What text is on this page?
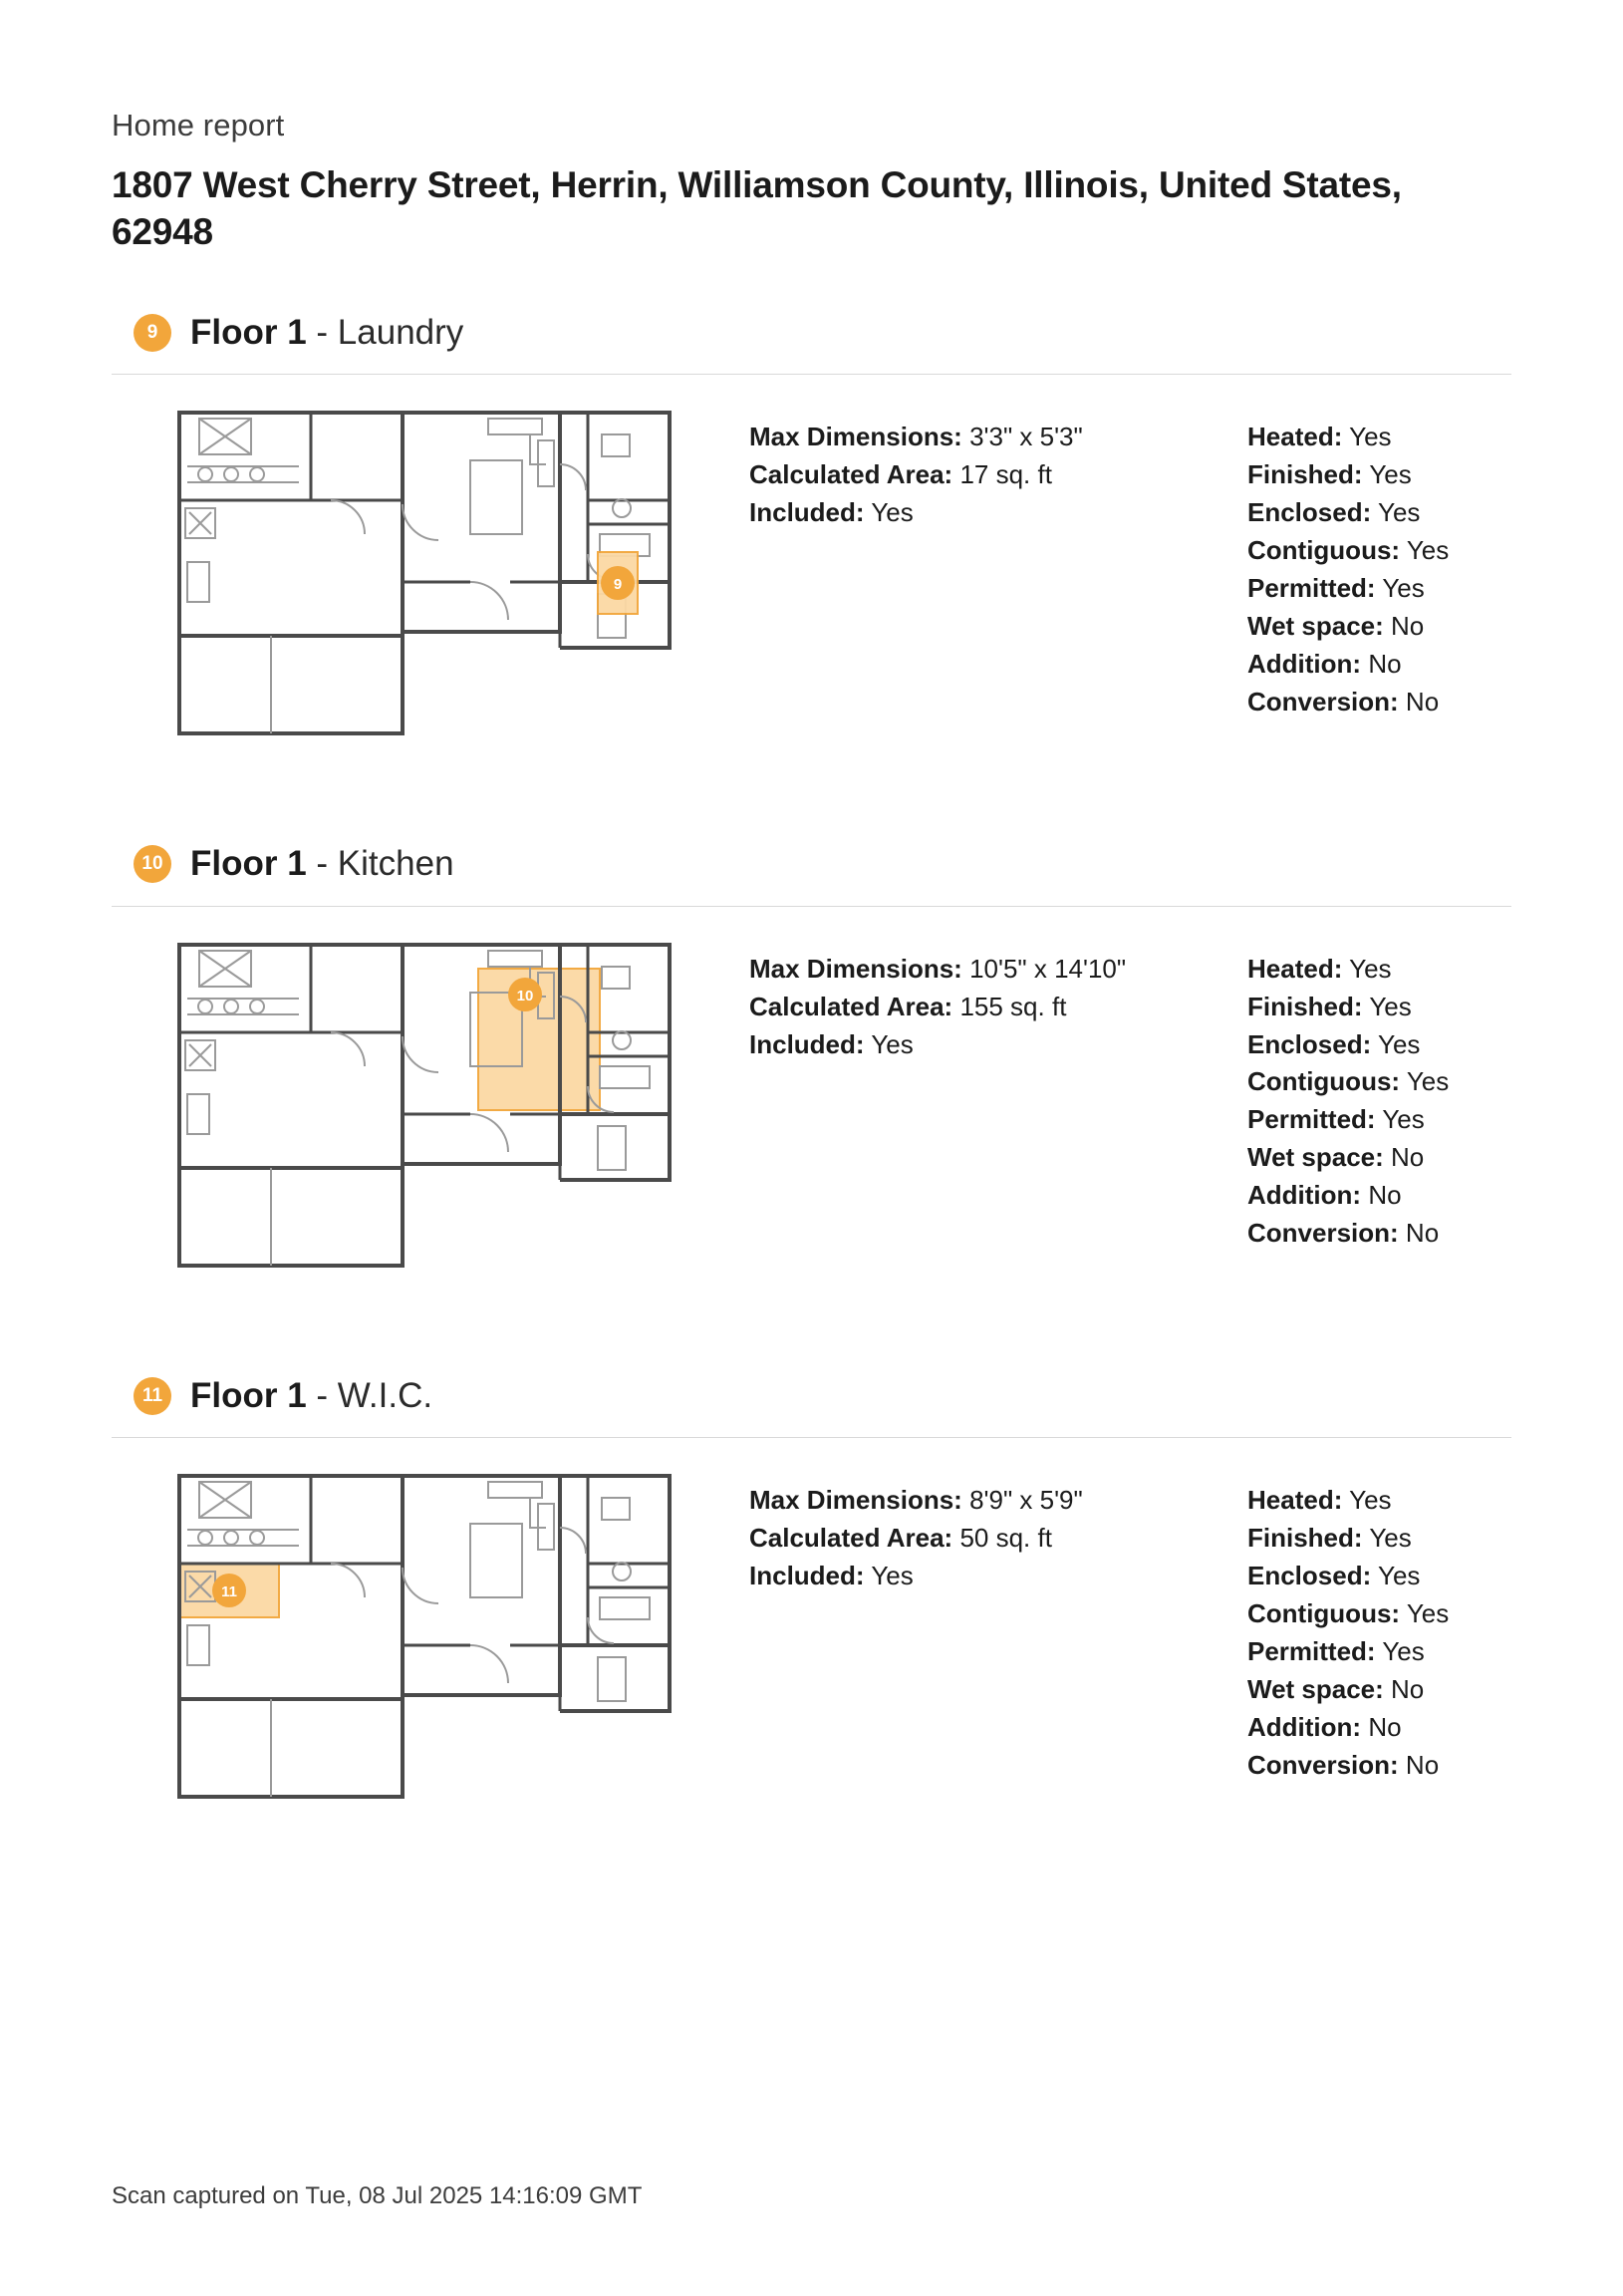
Home report
1807 West Cherry Street, Herrin, Williamson County, Illinois, United States, 62948
9 Floor 1 - Laundry
9
Max Dimensions: 3'3" x 5'3"
Calculated Area: 17 sq. ft
Included: Yes
Heated: Yes
Finished: Yes
Enclosed: Yes
Contiguous: Yes
Permitted: Yes
Wet space: No
Addition: No
Conversion: No
10 Floor 1 - Kitchen
10
Max Dimensions: 10'5" x 14'10"
Calculated Area: 155 sq. ft
Included: Yes
Heated: Yes
Finished: Yes
Enclosed: Yes
Contiguous: Yes
Permitted: Yes
Wet space: No
Addition: No
Conversion: No
11 Floor 1 - W.I.C.
11
Max Dimensions: 8'9" x 5'9"
Calculated Area: 50 sq. ft
Included: Yes
Heated: Yes
Finished: Yes
Enclosed: Yes
Contiguous: Yes
Permitted: Yes
Wet space: No
Addition: No
Conversion: No
Scan captured on Tue, 08 Jul 2025 14:16:09 GMT
